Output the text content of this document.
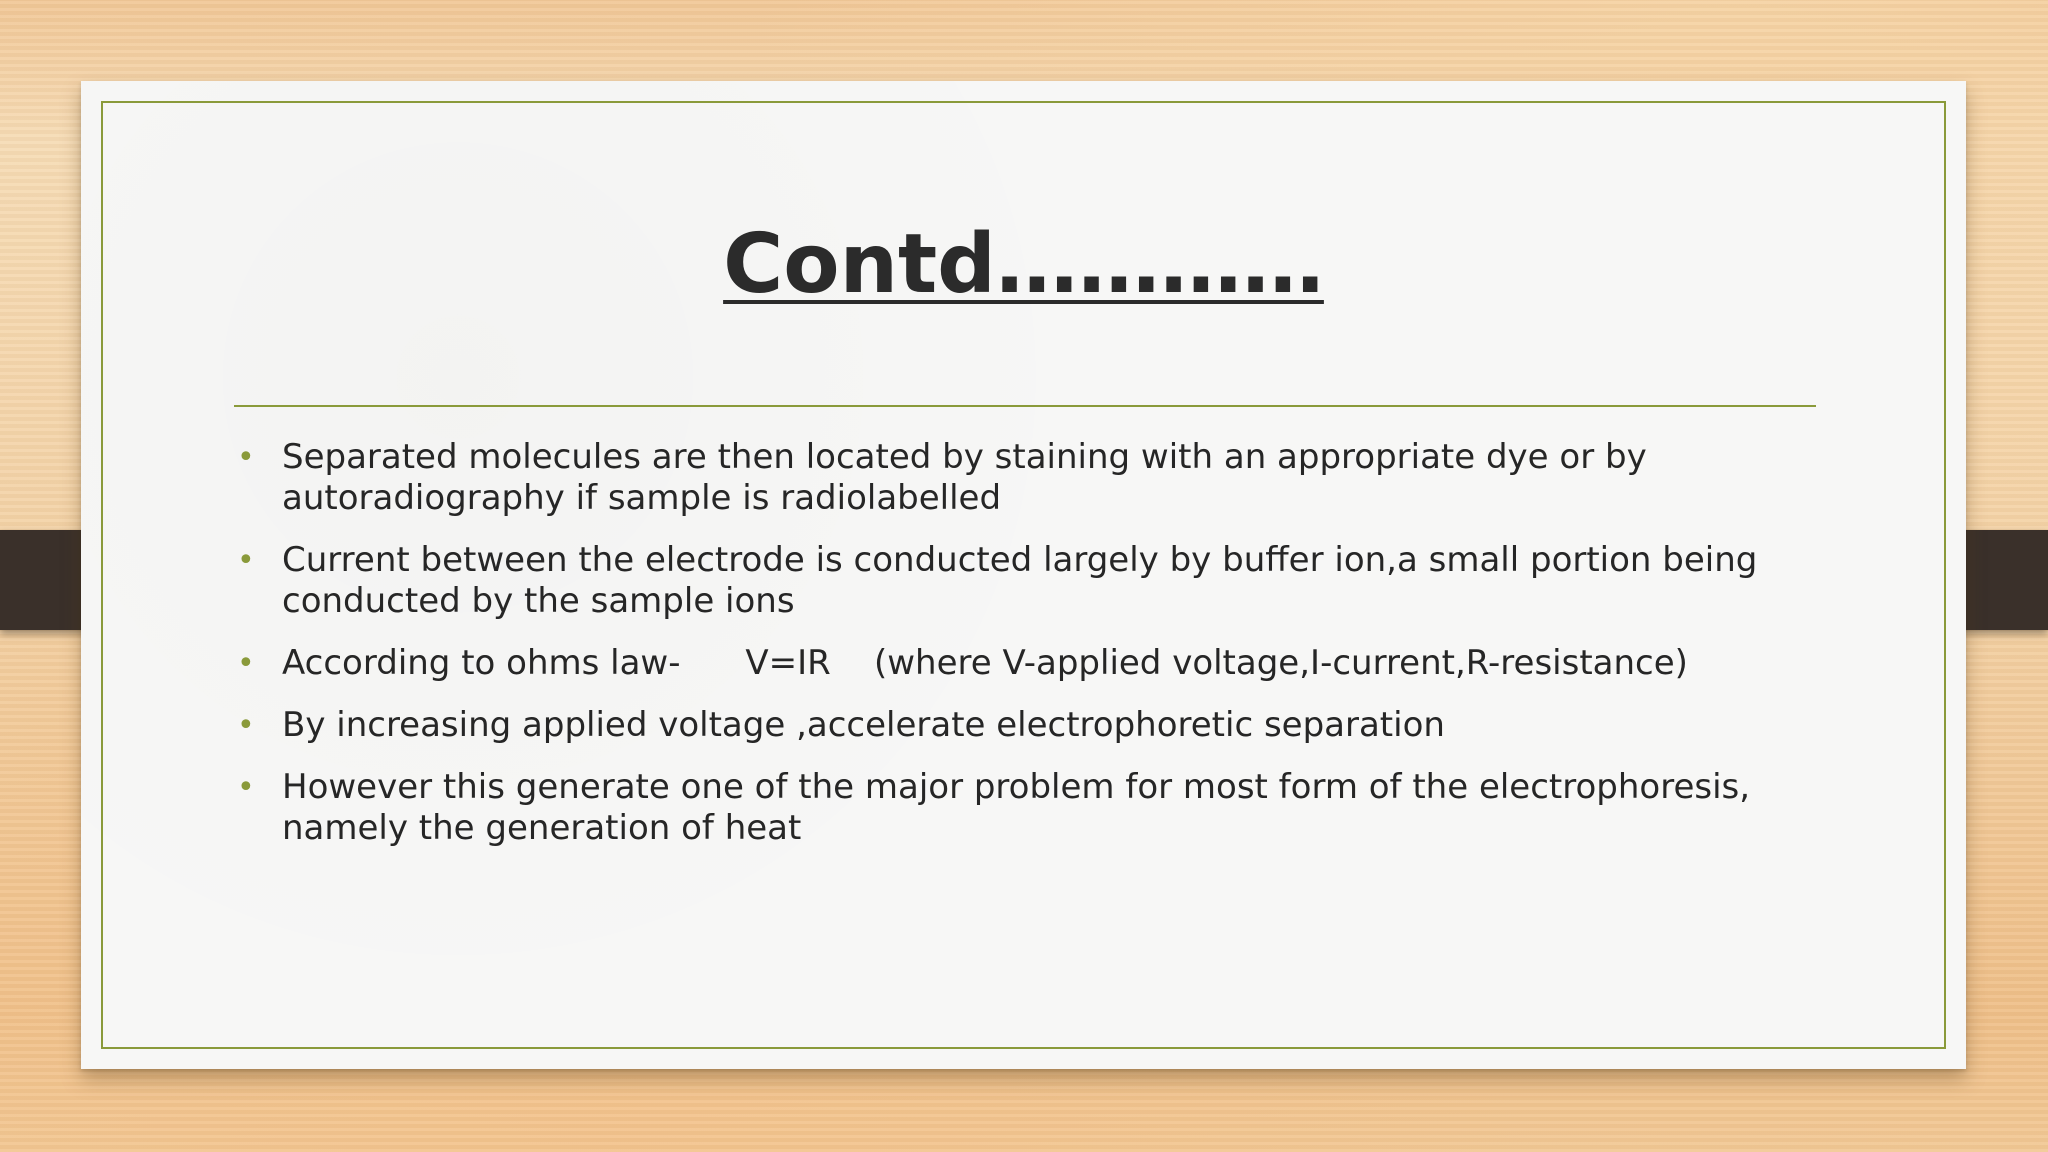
Contd…………
• Separated molecules are then located by staining with an appropriate dye or by
autoradiography if sample is radiolabelled
• Current between the electrode is conducted largely by buffer ion,a small portion being
conducted by the sample ions
• According to ohms law-      V=IR    (where V-applied voltage,I-current,R-resistance)
• By increasing applied voltage ,accelerate electrophoretic separation
• However this generate one of the major problem for most form of the electrophoresis,
namely the generation of heat
